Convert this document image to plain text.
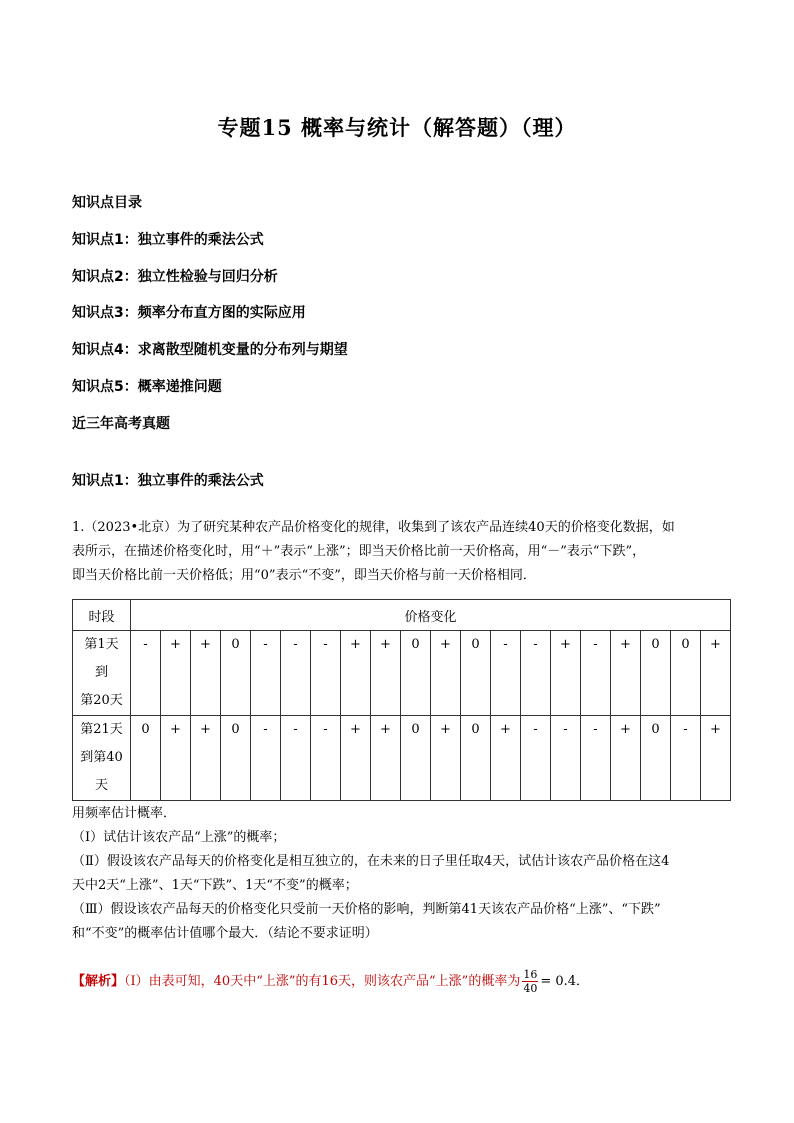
专题15 概率与统计（解答题）（理）
知识点目录
知识点1：独立事件的乘法公式
知识点2：独立性检验与回归分析
知识点3：频率分布直方图的实际应用
知识点4：求离散型随机变量的分布列与期望
知识点5：概率递推问题
近三年高考真题
知识点1：独立事件的乘法公式
1.（2023•北京）为了研究某种农产品价格变化的规律，收集到了该农产品连续40天的价格变化数据，如
表所示，在描述价格变化时，用“＋”表示“上涨”；即当天价格比前一天价格高，用“－”表示“下跌”，
即当天价格比前一天价格低；用“0”表示“不变”，即当天价格与前一天价格相同．
时段	价格变化																			

第1天
到
第20天	-	+	+	0	-	-	-	+	+	0	+	0	-	-	+	-	+	0	0	+

第21天
到第40
天	0	+	+	0	-	-	-	+	+	0	+	0	+	-	-	-	+	0	-	+
用频率估计概率．
（Ⅰ）试估计该农产品“上涨”的概率；
（Ⅱ）假设该农产品每天的价格变化是相互独立的，在未来的日子里任取4天，试估计该农产品价格在这4
天中2天“上涨”、1天“下跌”、1天“不变”的概率；
（Ⅲ）假设该农产品每天的价格变化只受前一天价格的影响，判断第41天该农产品价格“上涨”、“下跌”
和“不变”的概率估计值哪个最大．（结论不要求证明）
【解析】（Ⅰ）由表可知，40天中“上涨”的有16天，则该农产品“上涨”的概率为 $\frac{16}{40} = 0.4$．
